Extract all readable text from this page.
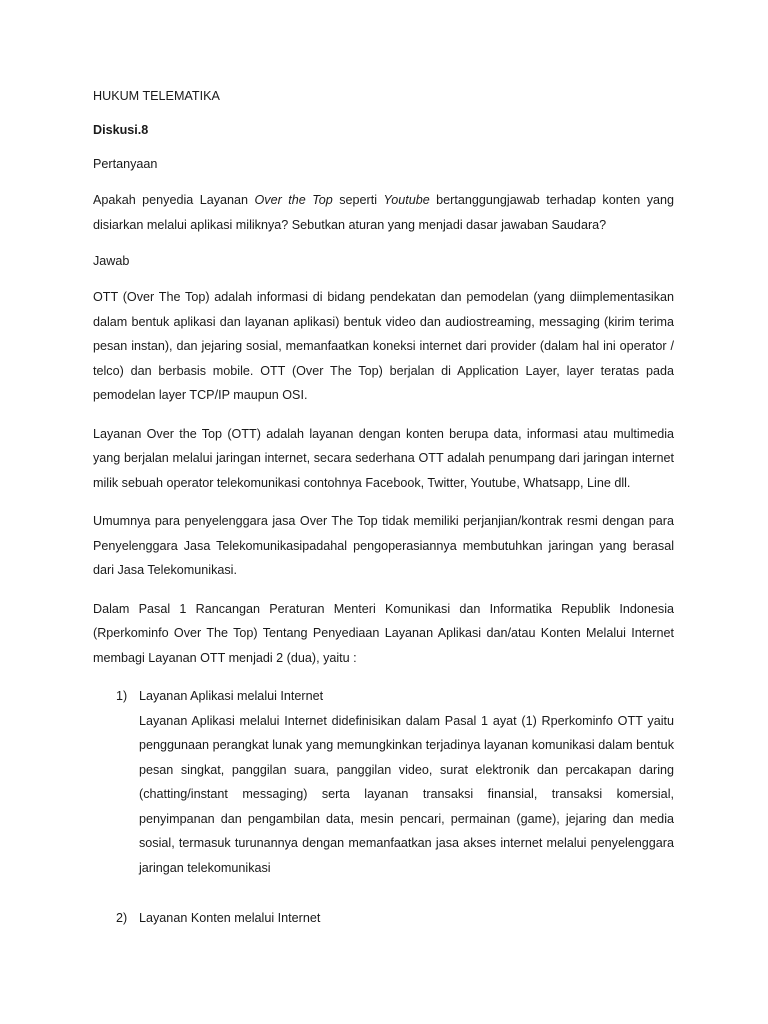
HUKUM TELEMATIKA

Diskusi.8

Pertanyaan

Apakah penyedia Layanan Over the Top seperti Youtube bertanggungjawab terhadap konten yang disiarkan melalui aplikasi miliknya? Sebutkan aturan yang menjadi dasar jawaban Saudara?

Jawab

OTT (Over The Top) adalah informasi di bidang pendekatan dan pemodelan (yang diimplementasikan dalam bentuk aplikasi dan layanan aplikasi) bentuk video dan audiostreaming, messaging (kirim terima pesan instan), dan jejaring sosial, memanfaatkan koneksi internet dari provider (dalam hal ini operator / telco) dan berbasis mobile. OTT (Over The Top) berjalan di Application Layer, layer teratas pada pemodelan layer TCP/IP maupun OSI.

Layanan Over the Top (OTT) adalah layanan dengan konten berupa data, informasi atau multimedia yang berjalan melalui jaringan internet, secara sederhana OTT adalah penumpang dari jaringan internet milik sebuah operator telekomunikasi contohnya Facebook, Twitter, Youtube, Whatsapp, Line dll.

Umumnya para penyelenggara jasa Over The Top tidak memiliki perjanjian/kontrak resmi dengan para Penyelenggara Jasa Telekomunikasipadahal pengoperasiannya membutuhkan jaringan yang berasal dari Jasa Telekomunikasi.

Dalam Pasal 1 Rancangan Peraturan Menteri Komunikasi dan Informatika Republik Indonesia (Rperkominfo Over The Top) Tentang Penyediaan Layanan Aplikasi dan/atau Konten Melalui Internet membagi Layanan OTT menjadi 2 (dua), yaitu :

1) Layanan Aplikasi melalui Internet

Layanan Aplikasi melalui Internet didefinisikan dalam Pasal 1 ayat (1) Rperkominfo OTT yaitu penggunaan perangkat lunak yang memungkinkan terjadinya layanan komunikasi dalam bentuk pesan singkat, panggilan suara, panggilan video, surat elektronik dan percakapan daring (chatting/instant messaging) serta layanan transaksi finansial, transaksi komersial, penyimpanan dan pengambilan data, mesin pencari, permainan (game), jejaring dan media sosial, termasuk turunannya dengan memanfaatkan jasa akses internet melalui penyelenggara jaringan telekomunikasi

2) Layanan Konten melalui Internet
